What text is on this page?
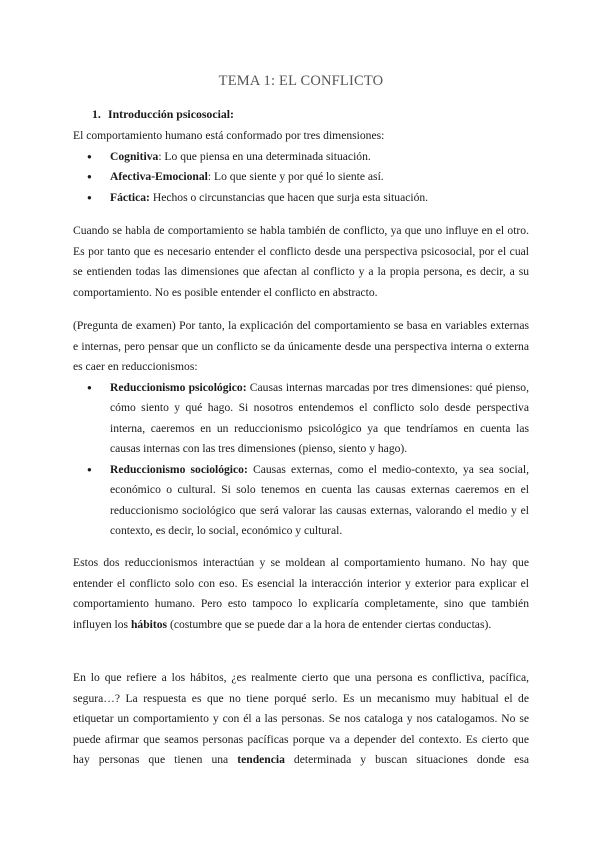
TEMA 1: EL CONFLICTO
1. Introducción psicosocial:
El comportamiento humano está conformado por tres dimensiones:
● Cognitiva: Lo que piensa en una determinada situación.
● Afectiva-Emocional: Lo que siente y por qué lo siente así.
● Fáctica: Hechos o circunstancias que hacen que surja esta situación.
Cuando se habla de comportamiento se habla también de conflicto, ya que uno influye en el otro. Es por tanto que es necesario entender el conflicto desde una perspectiva psicosocial, por el cual se entienden todas las dimensiones que afectan al conflicto y a la propia persona, es decir, a su comportamiento. No es posible entender el conflicto en abstracto.
(Pregunta de examen) Por tanto, la explicación del comportamiento se basa en variables externas e internas, pero pensar que un conflicto se da únicamente desde una perspectiva interna o externa es caer en reduccionismos:
● Reduccionismo psicológico: Causas internas marcadas por tres dimensiones: qué pienso, cómo siento y qué hago. Si nosotros entendemos el conflicto solo desde perspectiva interna, caeremos en un reduccionismo psicológico ya que tendríamos en cuenta las causas internas con las tres dimensiones (pienso, siento y hago).
● Reduccionismo sociológico: Causas externas, como el medio-contexto, ya sea social, económico o cultural. Si solo tenemos en cuenta las causas externas caeremos en el reduccionismo sociológico que será valorar las causas externas, valorando el medio y el contexto, es decir, lo social, económico y cultural.
Estos dos reduccionismos interactúan y se moldean al comportamiento humano. No hay que entender el conflicto solo con eso. Es esencial la interacción interior y exterior para explicar el comportamiento humano. Pero esto tampoco lo explicaría completamente, sino que también influyen los hábitos (costumbre que se puede dar a la hora de entender ciertas conductas).
En lo que refiere a los hábitos, ¿es realmente cierto que una persona es conflictiva, pacífica, segura…? La respuesta es que no tiene porqué serlo. Es un mecanismo muy habitual el de etiquetar un comportamiento y con él a las personas. Se nos cataloga y nos catalogamos. No se puede afirmar que seamos personas pacíficas porque va a depender del contexto. Es cierto que hay personas que tienen una tendencia determinada y buscan situaciones donde esa
